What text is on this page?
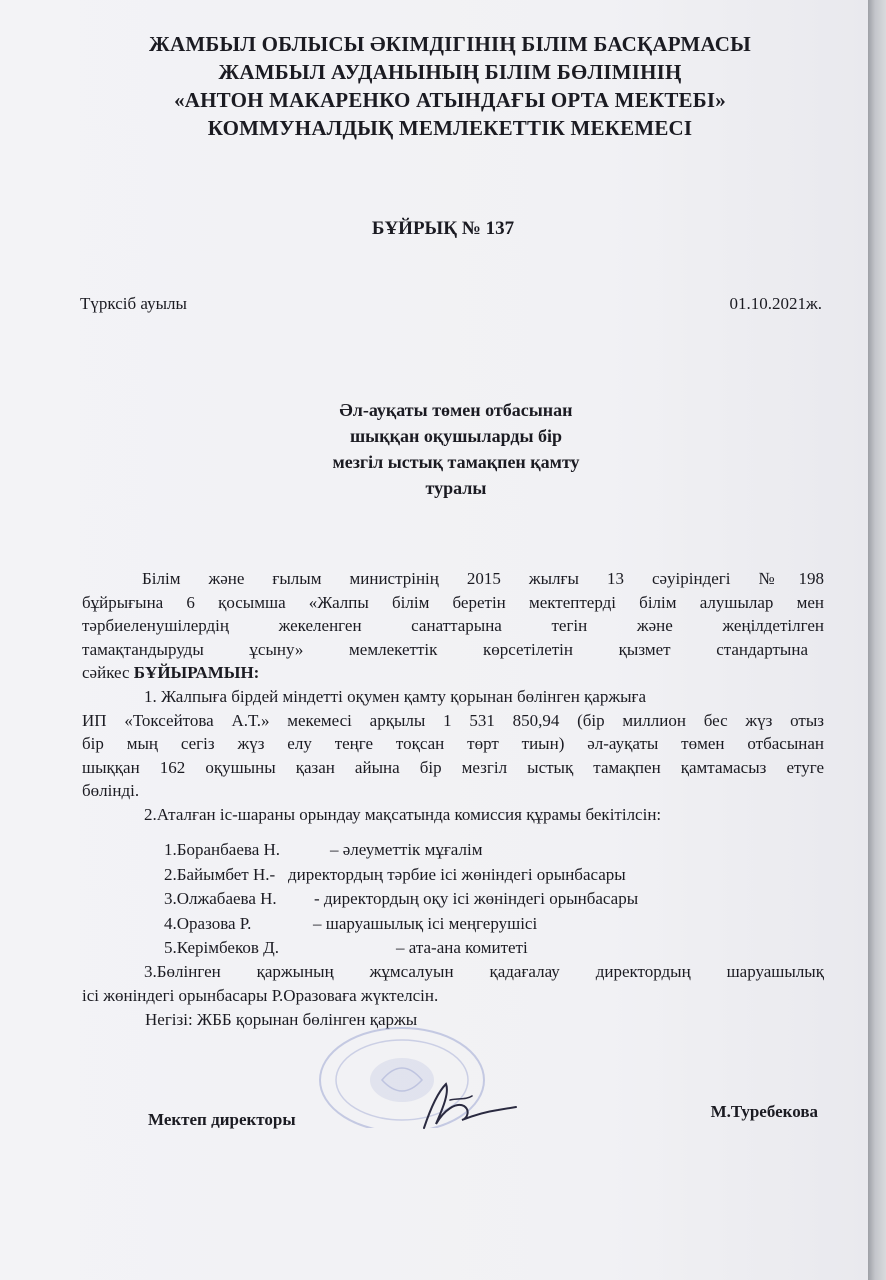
ЖАМБЫЛ ОБЛЫСЫ ӘКІМДІГІНІҢ БІЛІМ БАСҚАРМАСЫ
ЖАМБЫЛ АУДАНЫНЫҢ БІЛІМ БӨЛІМІНІҢ
«АНТОН МАКАРЕНКО АТЫНДАҒЫ ОРТА МЕКТЕБІ»
КОММУНАЛДЫҚ МЕМЛЕКЕТТІК МЕКЕМЕСІ
БҰЙРЫҚ № 137
Түрксіб ауылы	01.10.2021ж.
Әл-ауқаты төмен отбасынан
шыққан оқушыларды бір
мезгіл ыстық тамақпен қамту
туралы
Білім және ғылым министрінің 2015 жылғы 13 сәуіріндегі №198
бұйрығына 6 қосымша «Жалпы білім беретін мектептерді білім алушылар мен
тәрбиеленушілердің жекеленген санаттарына тегін және жеңілдетілген
тамақтандыруды ұсыну» мемлекеттік көрсетілетін қызмет стандартына
сәйкес БҰЙЫРАМЫН:
1. Жалпыға бірдей міндетті оқумен қамту қорынан бөлінген қаржыға
ИП «Токсейтова А.Т.» мекемесі арқылы 1 531 850,94 (бір миллион бес жүз отыз
бір мың сегіз жүз елу теңге тоқсан төрт тиын) әл-ауқаты төмен отбасынан
шыққан 162 оқушыны қазан айына бір мезгіл ыстық тамақпен қамтамасыз етуге
бөлінді.
2.Аталған іс-шараны орындау мақсатында комиссия құрамы бекітілсін:
1.Боранбаева Н.	– әлеуметтік мұғалім
2.Байымбет Н.- директордың тәрбие ісі жөніндегі орынбасары
3.Олжабаева Н. - директордың оқу ісі жөніндегі орынбасары
4.Оразова Р.	– шаруашылық ісі меңгерушісі
5.Керімбеков Д.	– ата-ана комитеті
3.Бөлінген қаржының жұмсалуын қадағалау директордың шаруашылық
ісі жөніндегі орынбасары Р.Оразоваға жүктелсін.
Негізі: ЖББ қорынан бөлінген қаржы
Мектеп директоры	М.Туребекова
